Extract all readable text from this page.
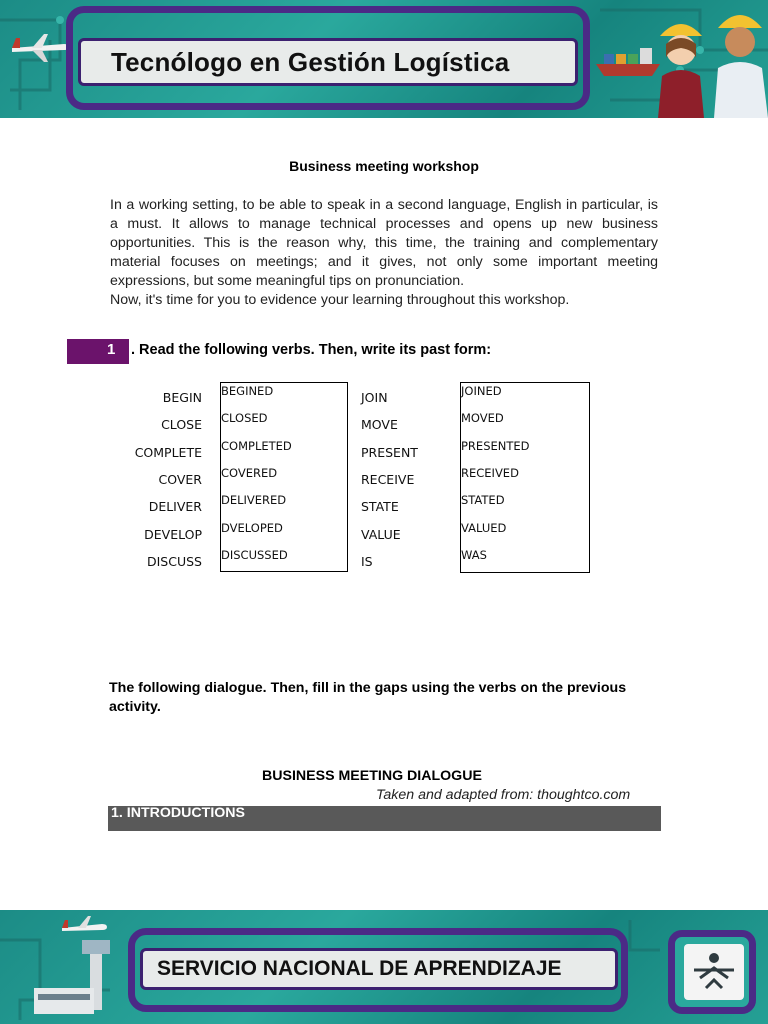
Tecnólogo en Gestión Logística
Business meeting workshop

In a working setting, to be able to speak in a second language, English in particular, is a must. It allows to manage technical processes and opens up new business opportunities. This is the reason why, this time, the training and complementary material focuses on meetings; and it gives, not only some important meeting expressions, but some meaningful tips on pronunciation.

Now, it's time for you to evidence your learning throughout this workshop.

1	. Read the following verbs. Then, write its past form:
BEGIN
CLOSE
COMPLETE
COVER
DELIVER
DEVELOP
DISCUSS
BEGINED
CLOSED
COMPLETED
COVERED
DELIVERED
DVELOPED
DISCUSSED
JOIN
MOVE
PRESENT
RECEIVE
STATE
VALUE
IS
JOINED
MOVED
PRESENTED
RECEIVED
STATED
VALUED
WAS
The following dialogue. Then, fill in the gaps using the verbs on the previous activity.
BUSINESS MEETING DIALOGUE
Taken and adapted from: thoughtco.com
1. INTRODUCTIONS
SERVICIO NACIONAL DE APRENDIZAJE
